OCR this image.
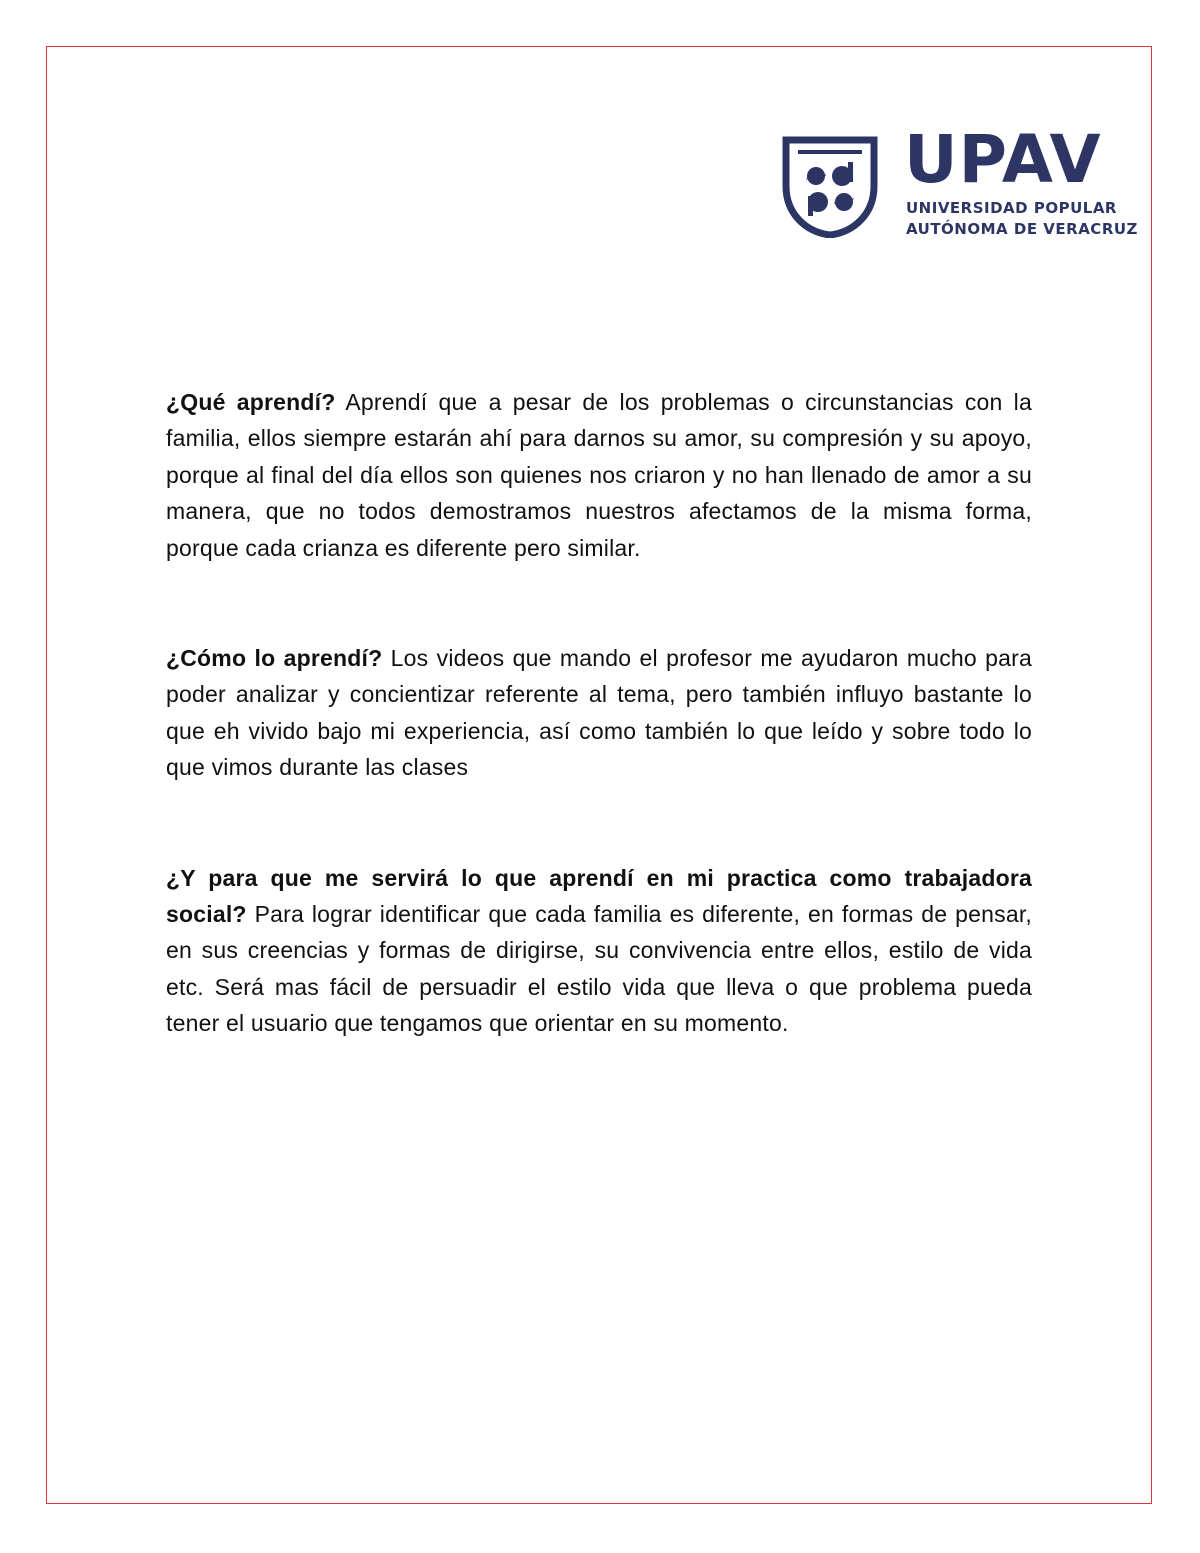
UPAV
UNIVERSIDAD POPULAR
AUTÓNOMA DE VERACRUZ

¿Qué aprendí? Aprendí que a pesar de los problemas o circunstancias con la familia, ellos siempre estarán ahí para darnos su amor, su compresión y su apoyo, porque al final del día ellos son quienes nos criaron y no han llenado de amor a su manera, que no todos demostramos nuestros afectamos de la misma forma, porque cada crianza es diferente pero similar.

¿Cómo lo aprendí? Los videos que mando el profesor me ayudaron mucho para poder analizar y concientizar referente al tema, pero también influyo bastante lo que eh vivido bajo mi experiencia, así como también lo que leído y sobre todo lo que vimos durante las clases

¿Y para que me servirá lo que aprendí en mi practica como trabajadora social? Para lograr identificar que cada familia es diferente, en formas de pensar, en sus creencias y formas de dirigirse, su convivencia entre ellos, estilo de vida etc. Será mas fácil de persuadir el estilo vida que lleva o que problema pueda tener el usuario que tengamos que orientar en su momento.
